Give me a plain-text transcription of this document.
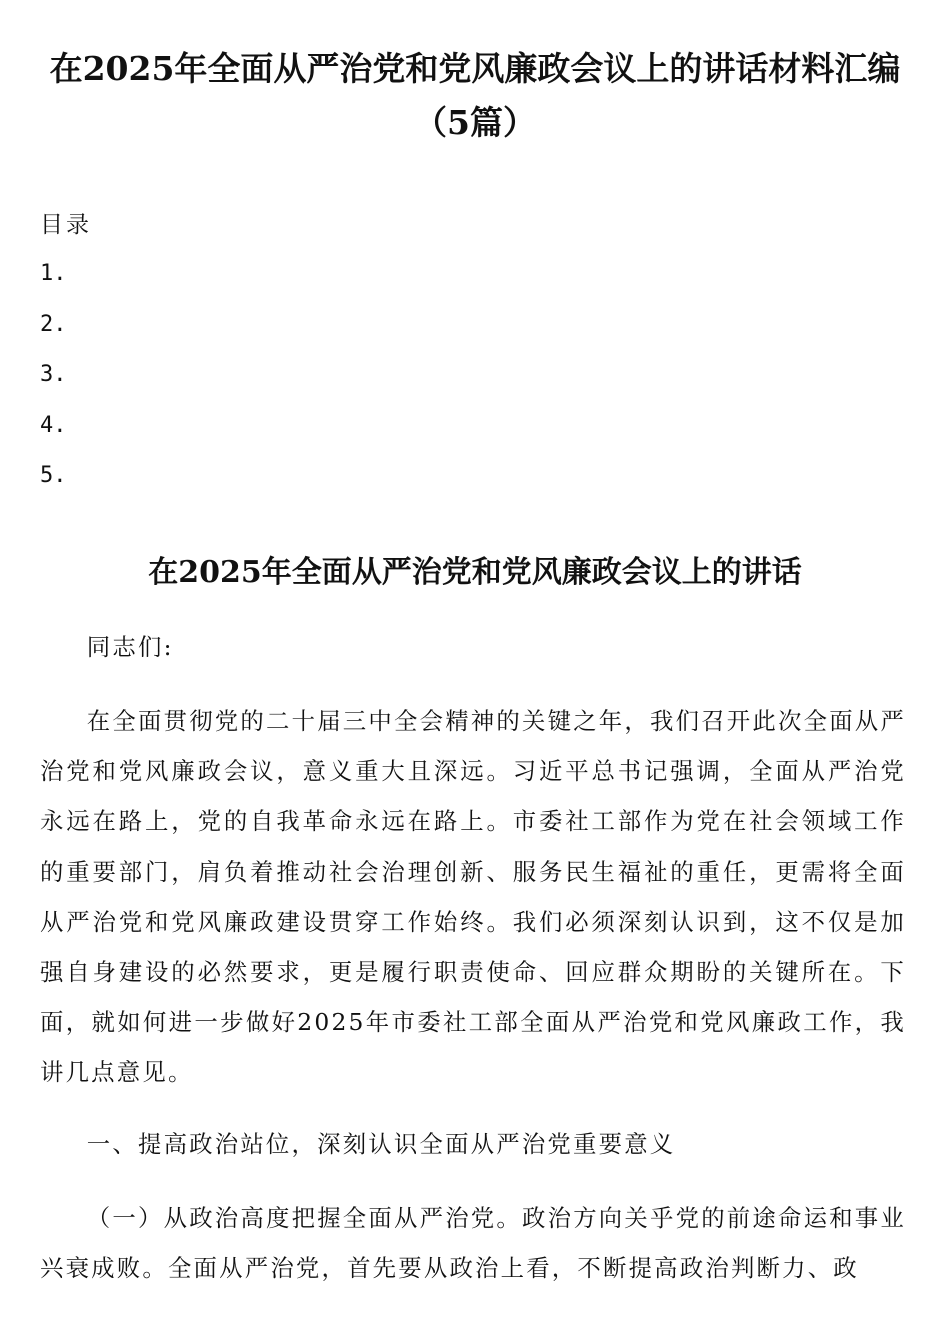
在2025年全面从严治党和党风廉政会议上的讲话材料汇编（5篇）
目录
1.
2.
3.
4.
5.
在2025年全面从严治党和党风廉政会议上的讲话

同志们:

在全面贯彻党的二十届三中全会精神的关键之年，我们召开此次全面从严治党和党风廉政会议，意义重大且深远。习近平总书记强调，全面从严治党永远在路上，党的自我革命永远在路上。市委社工部作为党在社会领域工作的重要部门，肩负着推动社会治理创新、服务民生福祉的重任，更需将全面从严治党和党风廉政建设贯穿工作始终。我们必须深刻认识到，这不仅是加强自身建设的必然要求，更是履行职责使命、回应群众期盼的关键所在。下面，就如何进一步做好2025年市委社工部全面从严治党和党风廉政工作，我讲几点意见。

一、提高政治站位，深刻认识全面从严治党重要意义

（一）从政治高度把握全面从严治党。政治方向关乎党的前途命运和事业兴衰成败。全面从严治党，首先要从政治上看，不断提高政治判断力、政
